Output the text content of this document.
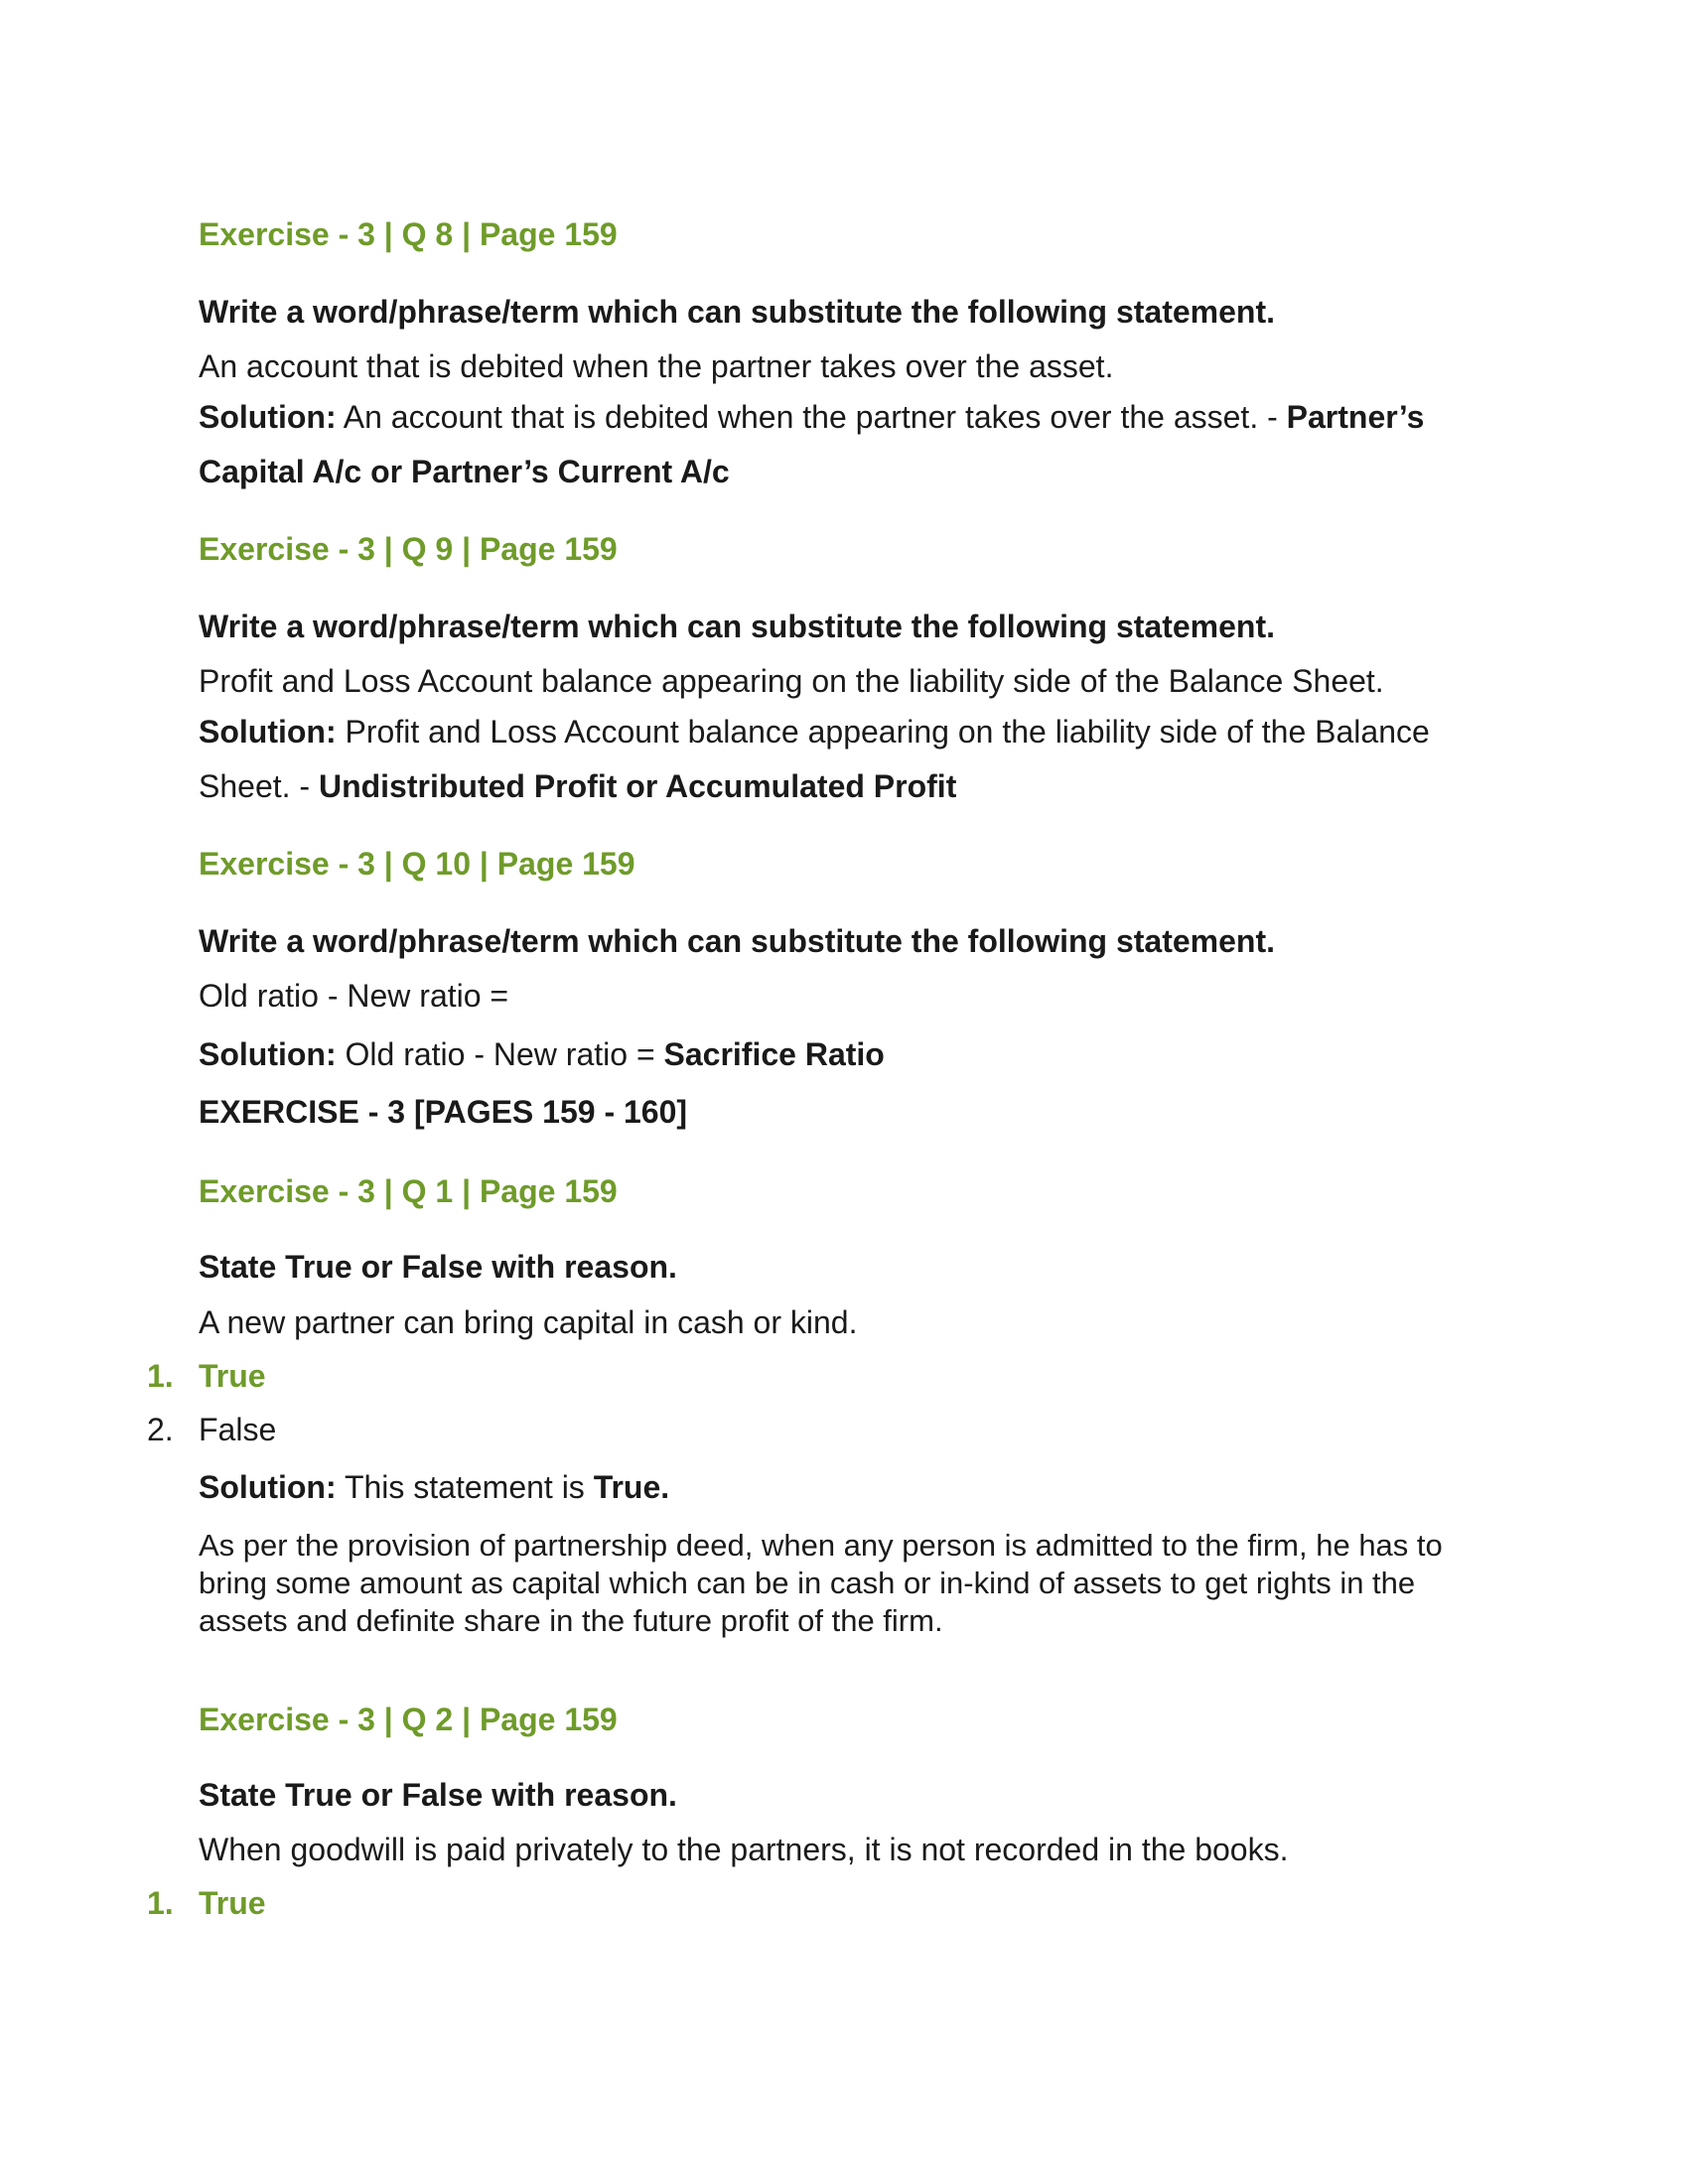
Exercise - 3 | Q 8 | Page 159

Write a word/phrase/term which can substitute the following statement.

An account that is debited when the partner takes over the asset.

Solution: An account that is debited when the partner takes over the asset. - Partner’s Capital A/c or Partner’s Current A/c

Exercise - 3 | Q 9 | Page 159

Write a word/phrase/term which can substitute the following statement.

Profit and Loss Account balance appearing on the liability side of the Balance Sheet.

Solution: Profit and Loss Account balance appearing on the liability side of the Balance Sheet. - Undistributed Profit or Accumulated Profit

Exercise - 3 | Q 10 | Page 159

Write a word/phrase/term which can substitute the following statement.

Old ratio - New ratio =

Solution: Old ratio - New ratio = Sacrifice Ratio

EXERCISE - 3 [PAGES 159 - 160]

Exercise - 3 | Q 1 | Page 159

State True or False with reason.

A new partner can bring capital in cash or kind.

1. True
2. False

Solution: This statement is True.

As per the provision of partnership deed, when any person is admitted to the firm, he has to bring some amount as capital which can be in cash or in-kind of assets to get rights in the assets and definite share in the future profit of the firm.

Exercise - 3 | Q 2 | Page 159

State True or False with reason.

When goodwill is paid privately to the partners, it is not recorded in the books.

1. True
